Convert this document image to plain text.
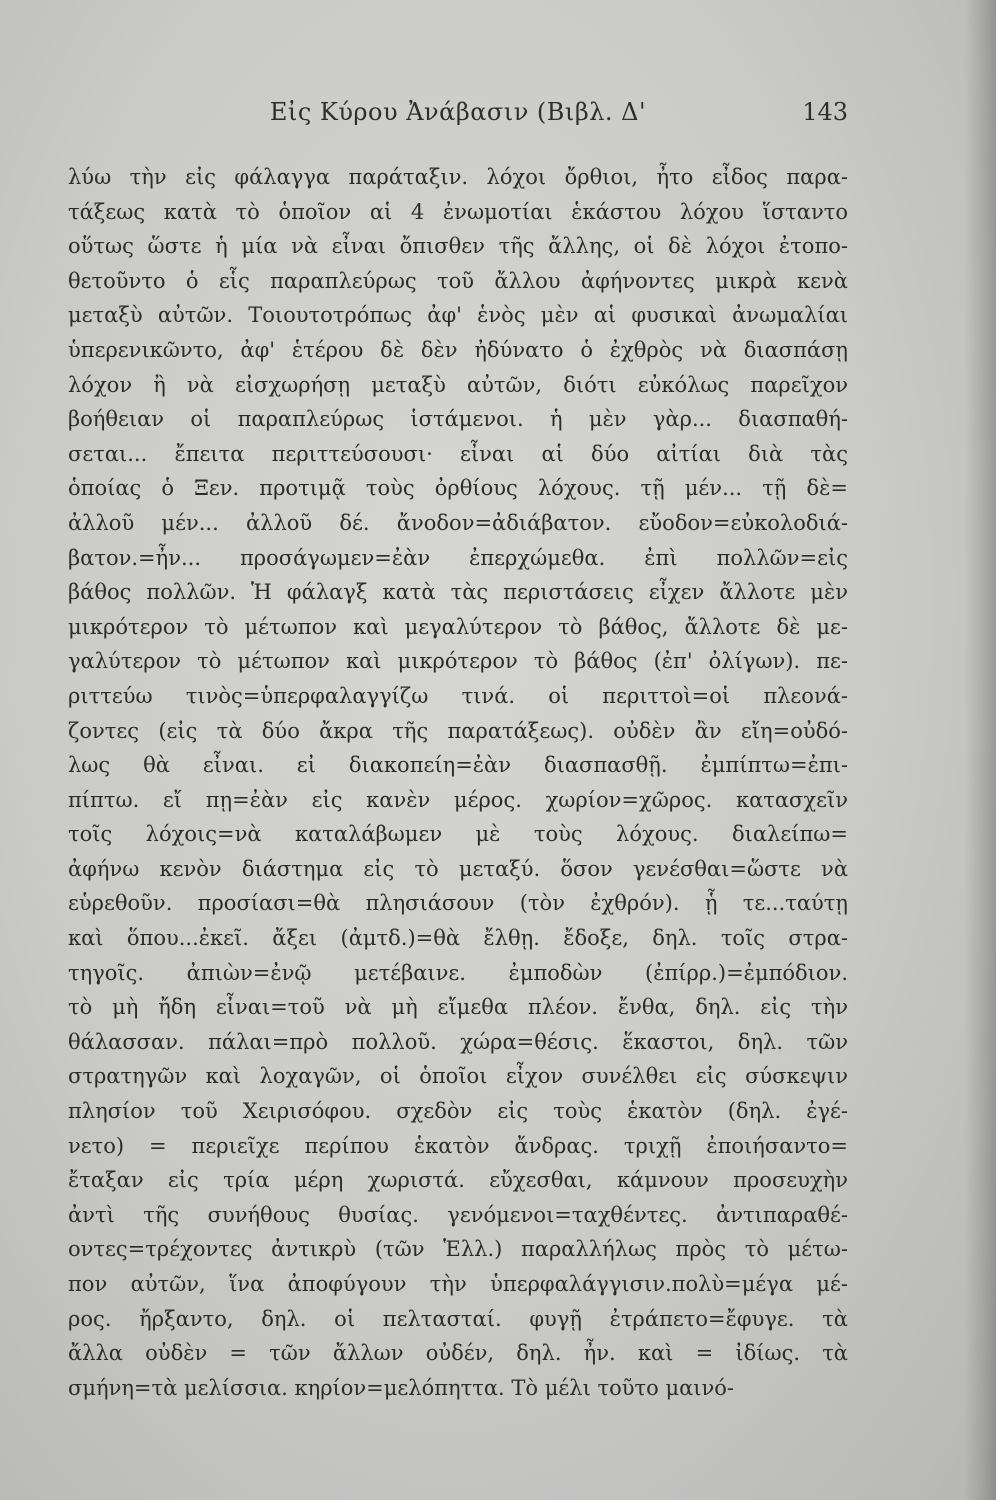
Εἰς Κύρου Ἀνάβασιν (Βιβλ. Δ'	143
λύω τὴν εἰς φάλαγγα παράταξιν. λόχοι ὄρθιοι, ἦτο εἶδος παρα-
τάξεως κατὰ τὸ ὁποῖον αἱ 4 ἐνωμοτίαι ἑκάστου λόχου ἵσταντο
οὕτως ὥστε ἡ μία νὰ εἶναι ὄπισθεν τῆς ἄλλης, οἱ δὲ λόχοι ἐτοπο-
θετοῦντο ὁ εἷς παραπλεύρως τοῦ ἄλλου ἀφήνοντες μικρὰ κενὰ
μεταξὺ αὐτῶν. Τοιουτοτρόπως ἀφ' ἑνὸς μὲν αἱ φυσικαὶ ἀνωμαλίαι
ὑπερενικῶντο, ἀφ' ἑτέρου δὲ δὲν ἠδύνατο ὁ ἐχθρὸς νὰ διασπάσῃ
λόχον ἢ νὰ εἰσχωρήσῃ μεταξὺ αὐτῶν, διότι εὐκόλως παρεῖχον
βοήθειαν οἱ παραπλεύρως ἱστάμενοι. ἡ μὲν γὰρ... διασπαθή-
σεται... ἔπειτα περιττεύσουσι· εἶναι αἱ δύο αἰτίαι διὰ τὰς
ὁποίας ὁ Ξεν. προτιμᾷ τοὺς ὀρθίους λόχους. τῇ μέν... τῇ δὲ=
ἀλλοῦ μέν... ἀλλοῦ δέ. ἄνοδον=ἀδιάβατον. εὔοδον=εὐκολοδιά-
βατον.=ἦν... προσάγωμεν=ἐὰν ἐπερχώμεθα. ἐπὶ πολλῶν=εἰς
βάθος πολλῶν. Ἡ φάλαγξ κατὰ τὰς περιστάσεις εἶχεν ἄλλοτε μὲν
μικρότερον τὸ μέτωπον καὶ μεγαλύτερον τὸ βάθος, ἄλλοτε δὲ με-
γαλύτερον τὸ μέτωπον καὶ μικρότερον τὸ βάθος (ἐπ' ὀλίγων). πε-
ριττεύω τινὸς=ὑπερφαλαγγίζω τινά. οἱ περιττοὶ=οἱ πλεονά-
ζοντες (εἰς τὰ δύο ἄκρα τῆς παρατάξεως). οὐδὲν ἂν εἴη=οὐδό-
λως θὰ εἶναι. εἰ διακοπείη=ἐὰν διασπασθῇ. ἐμπίπτω=ἐπι-
πίπτω. εἴ πῃ=ἐὰν εἰς κανὲν μέρος. χωρίον=χῶρος. κατασχεῖν
τοῖς λόχοις=νὰ καταλάβωμεν μὲ τοὺς λόχους. διαλείπω=
ἀφήνω κενὸν διάστημα εἰς τὸ μεταξύ. ὅσον γενέσθαι=ὥστε νὰ
εὑρεθοῦν. προσίασι=θὰ πλησιάσουν (τὸν ἐχθρόν). ᾗ τε...ταύτῃ
καὶ ὅπου...ἐκεῖ. ἄξει (ἀμτδ.)=θὰ ἔλθῃ. ἔδοξε, δηλ. τοῖς στρα-
τηγοῖς. ἀπιὼν=ἐνῷ μετέβαινε. ἐμποδὼν (ἐπίρρ.)=ἐμπόδιον.
τὸ μὴ ἤδη εἶναι=τοῦ νὰ μὴ εἴμεθα πλέον. ἔνθα, δηλ. εἰς τὴν
θάλασσαν. πάλαι=πρὸ πολλοῦ. χώρα=θέσις. ἕκαστοι, δηλ. τῶν
στρατηγῶν καὶ λοχαγῶν, οἱ ὁποῖοι εἶχον συνέλθει εἰς σύσκεψιν
πλησίον τοῦ Χειρισόφου. σχεδὸν εἰς τοὺς ἑκατὸν (δηλ. ἐγέ-
νετο) = περιεῖχε περίπου ἑκατὸν ἄνδρας. τριχῇ ἐποιήσαντο=
ἔταξαν εἰς τρία μέρη χωριστά. εὔχεσθαι, κάμνουν προσευχὴν
ἀντὶ τῆς συνήθους θυσίας. γενόμενοι=ταχθέντες. ἀντιπαραθέ-
οντες=τρέχοντες ἀντικρὺ (τῶν Ἑλλ.) παραλλήλως πρὸς τὸ μέτω-
πον αὐτῶν, ἵνα ἀποφύγουν τὴν ὑπερφαλάγγισιν.πολὺ=μέγα μέ-
ρος. ἤρξαντο, δηλ. οἱ πελτασταί. φυγῇ ἐτράπετο=ἔφυγε. τὰ
ἄλλα οὐδὲν = τῶν ἄλλων οὐδέν, δηλ. ἦν. καὶ = ἰδίως. τὰ
σμήνη=τὰ μελίσσια. κηρίον=μελόπηττα. Τὸ μέλι τοῦτο μαινό-
